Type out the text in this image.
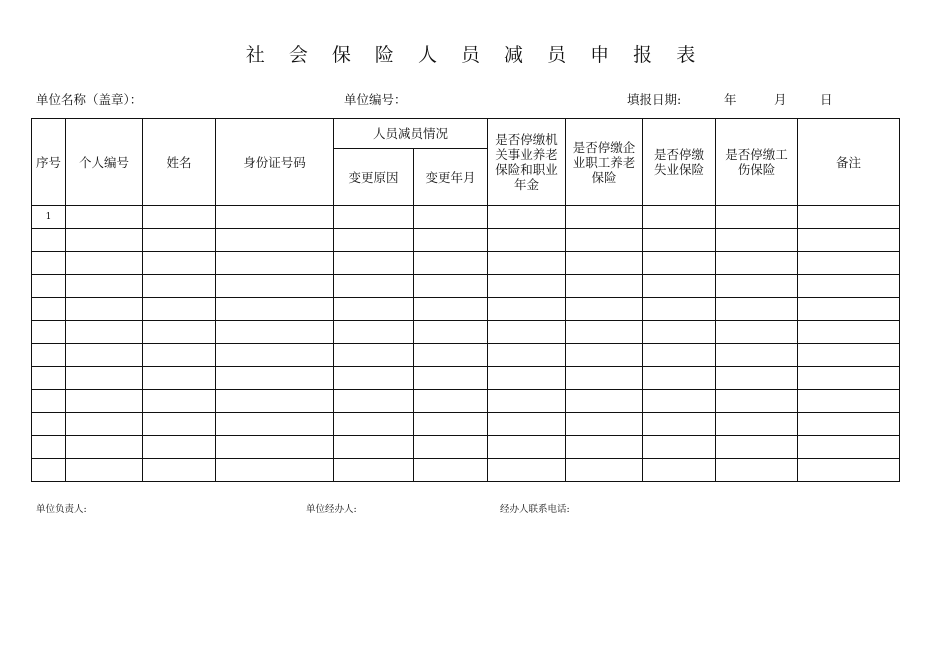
社 会 保 险 人 员 减 员 申 报 表
单位名称（盖章）：	单位编号：	填报日期:	年	月	日
序号	个人编号	姓名	身份证号码	人员减员情况		是否停缴机关事业养老保险和职业年金	是否停缴企业职工养老保险	是否停缴失业保险	是否停缴工伤保险	备注
				变更原因	变更年月					
1										

单位负责人:	单位经办人:	经办人联系电话:
